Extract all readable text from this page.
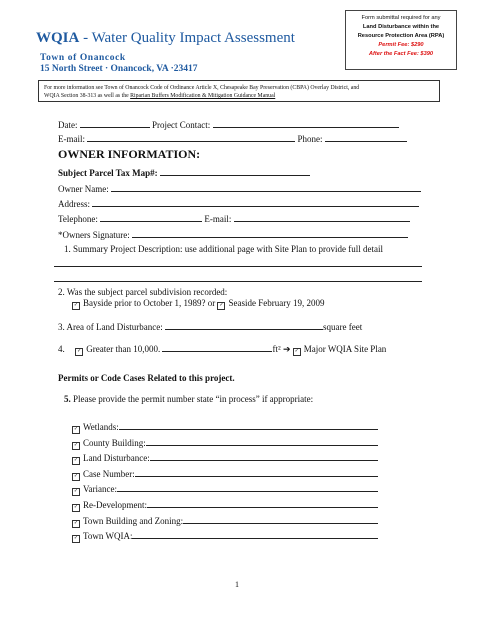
WQIA - Water Quality Impact Assessment
Town of Onancock
15 North Street · Onancock, VA ·23417
Form submittal required for any
Land Disturbance within the
Resource Protection Area (RPA)
Permit Fee: $290
After the Fact Fee: $390
For more information see Town of Onancock Code of Ordinance Article X, Chesapeake Bay Preservation (CBPA) Overlay District, and
WQIA Section 38-313 as well as the Riparian Buffers Modification & Mitigation Guidance Manual
Date:	Project Contact:
E-mail:	Phone:
OWNER INFORMATION:
Subject Parcel Tax Map#:
Owner Name:
Address:
Telephone:	E-mail:
*Owners Signature:
1. Summary Project Description: use additional page with Site Plan to provide full detail
2. Was the subject parcel subdivision recorded:
✓ Bayside prior to October 1, 1989? or ✓ Seaside February 19, 2009
3. Area of Land Disturbance:	square feet
4. ✓ Greater than 10,000.	ft² ➔ ✓ Major WQIA Site Plan
Permits or Code Cases Related to this project.
5. Please provide the permit number state “in process” if appropriate:
✓ Wetlands:
✓ County Building:
✓ Land Disturbance:
✓ Case Number:
✓ Variance:
✓ Re-Development:
✓ Town Building and Zoning:
✓ Town WQIA:
1
